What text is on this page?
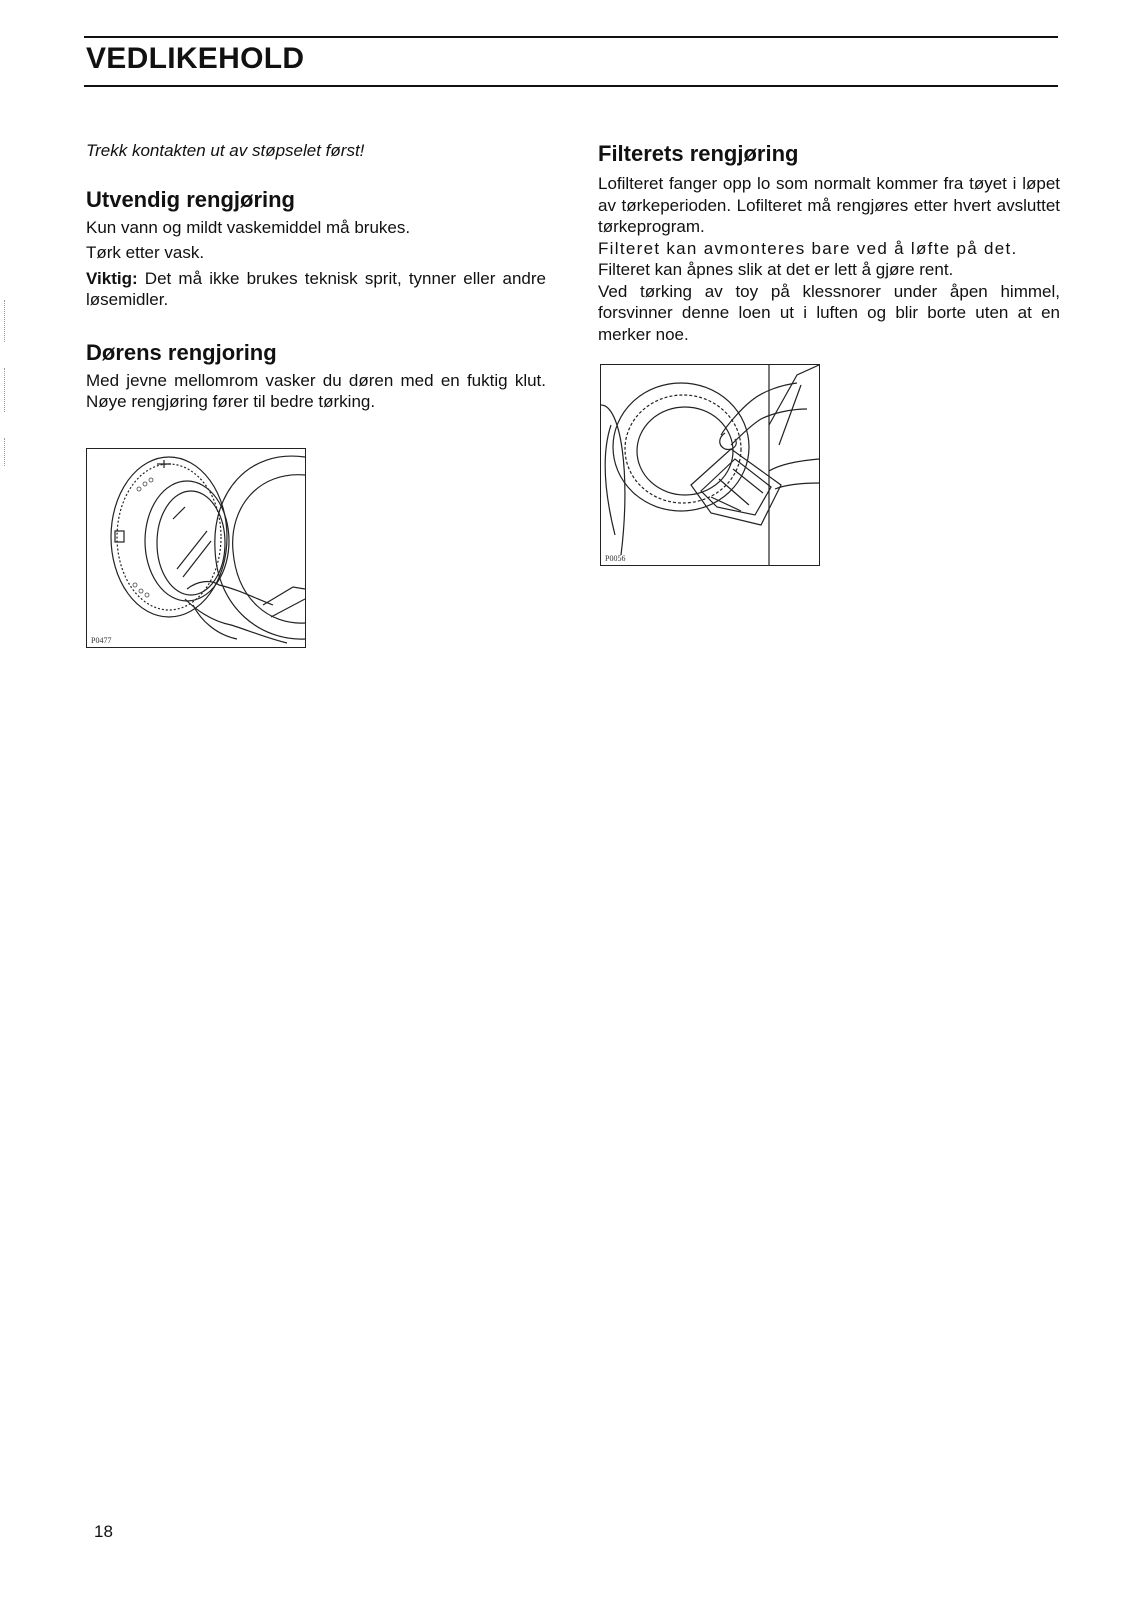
VEDLIKEHOLD

Trekk kontakten ut av støpselet først!

Utvendig rengjøring

Kun vann og mildt vaskemiddel må brukes.

Tørk etter vask.

Viktig: Det må ikke brukes teknisk sprit, tynner eller andre løsemidler.

Dørens rengjoring

Med jevne mellomrom vasker du døren med en fuktig klut. Nøye rengjøring fører til bedre tørking.

P0477
Filterets rengjøring

Lofilteret fanger opp lo som normalt kommer fra tøyet i løpet av tørkeperioden. Lofilteret må rengjøres etter hvert avsluttet tørkeprogram.

Filteret kan avmonteres bare ved å løfte på det.

Filteret kan åpnes slik at det er lett å gjøre rent.

Ved tørking av toy på klessnorer under åpen himmel, forsvinner denne loen ut i luften og blir borte uten at en merker noe.

P0056
18
